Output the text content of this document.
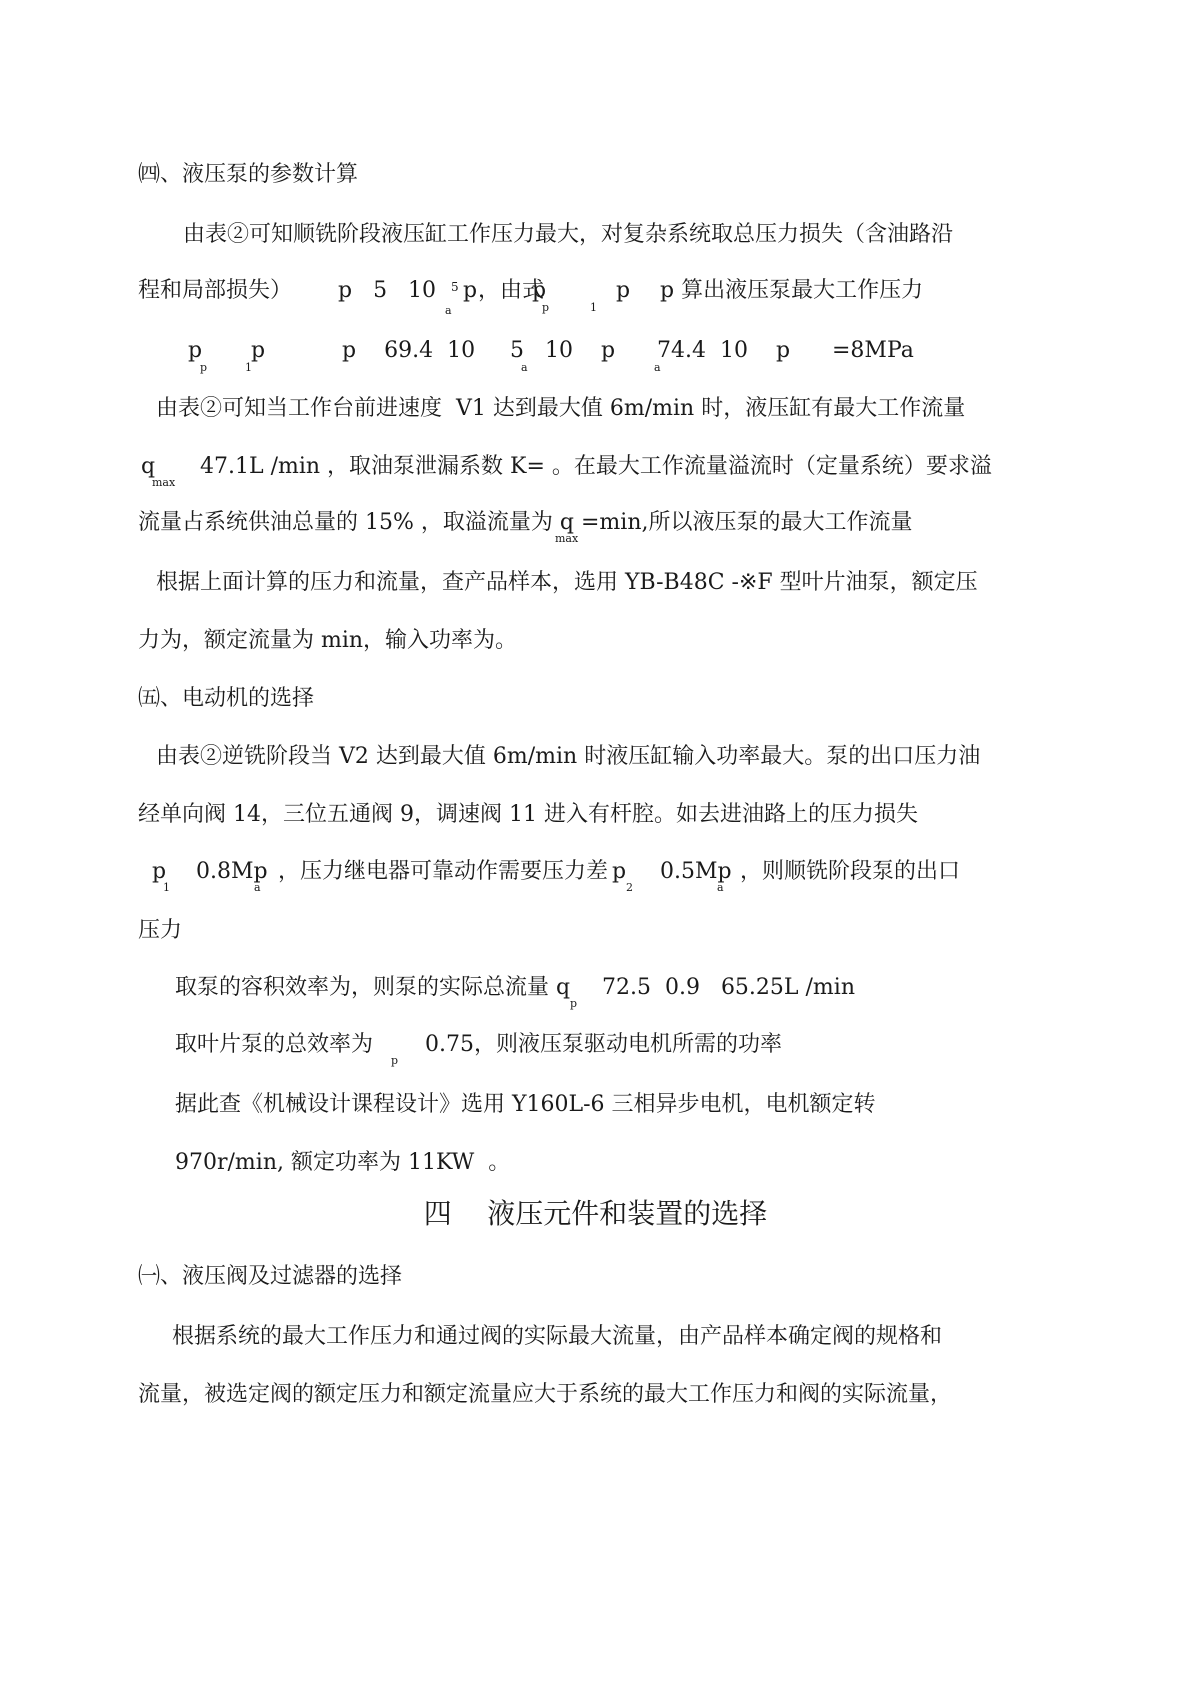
㈣、液压泵的参数计算

由表②可知顺铣阶段液压缸工作压力最大，对复杂系统取总压力损失（含油路沿

程和局部损失） p   5   10 5 p
a
，由式
p          p
p	1
p 算出液压泵最大工作压力

p       p           p    69.4  10     5   10    p      74.4  10    p      =8MPa

p	1	a	a

由表②可知当工作台前进速度  V1 达到最大值 6m/min 时，液压缸有最大工作流量

q
max

47.1L /min ，取油泵泄漏系数 K= 。在最大工作流量溢流时（定量系统）要求溢

流量占系统供油总量的 15% ，取溢流量为 q

max
=min,所以液压泵的最大工作流量

根据上面计算的压力和流量，查产品样本，选用 YB-B48C -※F 型叶片油泵，额定压

力为，额定流量为 min，输入功率为。

㈤、电动机的选择

由表②逆铣阶段当 V2 达到最大值 6m/min 时液压缸输入功率最大。泵的出口压力油

经单向阀 14，三位五通阀 9，调速阀 11 进入有杆腔。如去进油路上的压力损失

p
1
0.8Mp
a
，压力继电器可靠动作需要压力差 p
2
0.5Mp
a
，则顺铣阶段泵的出口

压力

取泵的容积效率为，则泵的实际总流量 q

p
72.5  0.9   65.25L /min

取叶片泵的总效率为

p
0.75，则液压泵驱动电机所需的功率

据此查《机械设计课程设计》选用 Y160L-6 三相异步电机，电机额定转

970r/min, 额定功率为 11KW  。

四    液压元件和装置的选择

㈠、液压阀及过滤器的选择

根据系统的最大工作压力和通过阀的实际最大流量，由产品样本确定阀的规格和

流量，被选定阀的额定压力和额定流量应大于系统的最大工作压力和阀的实际流量，
